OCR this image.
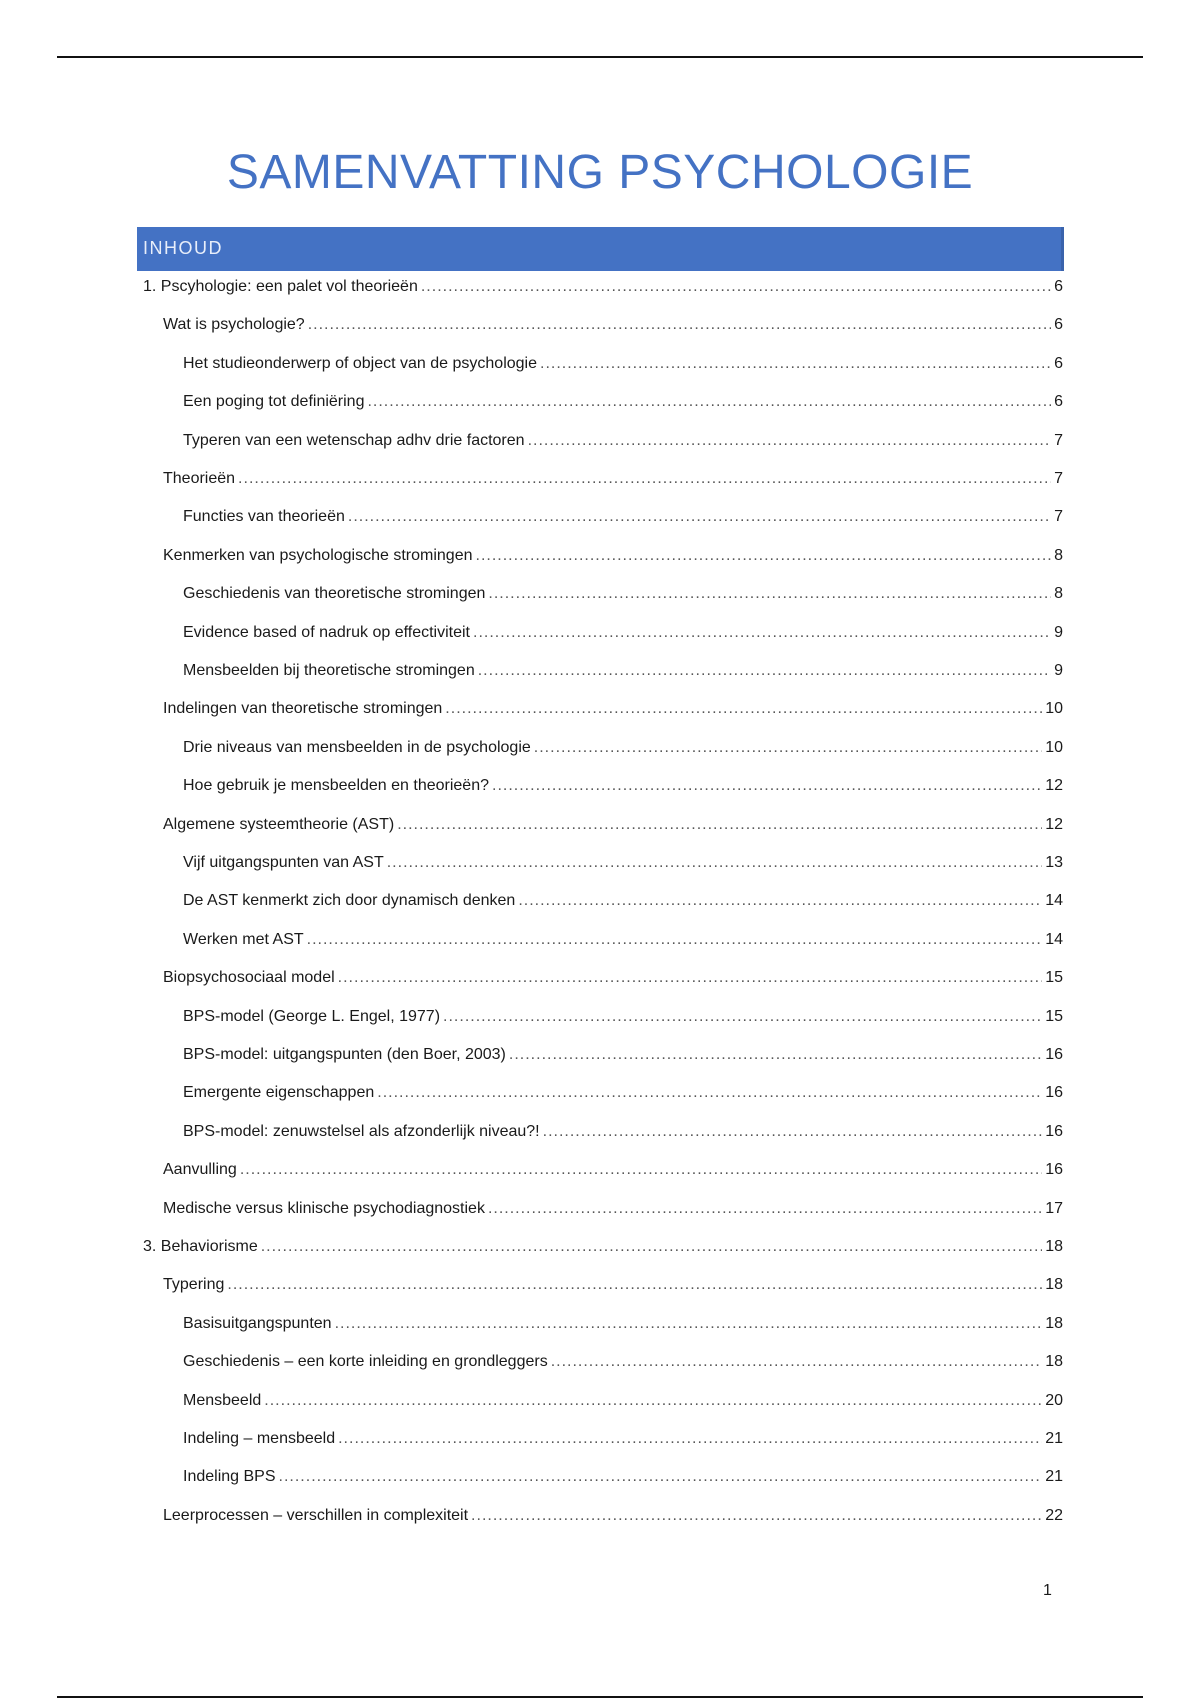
SAMENVATTING PSYCHOLOGIE
INHOUD
1. Pscyhologie: een palet vol theorieën .....	6
Wat is psychologie? .....	6
Het studieonderwerp of object van de psychologie .....	6
Een poging tot definiëring .....	6
Typeren van een wetenschap adhv drie factoren .....	7
Theorieën .....	7
Functies van theorieën .....	7
Kenmerken van psychologische stromingen .....	8
Geschiedenis van theoretische stromingen .....	8
Evidence based of nadruk op effectiviteit .....	9
Mensbeelden bij theoretische stromingen .....	9
Indelingen van theoretische stromingen .....	10
Drie niveaus van mensbeelden in de psychologie .....	10
Hoe gebruik je mensbeelden en theorieën? .....	12
Algemene systeemtheorie (AST) .....	12
Vijf uitgangspunten van AST .....	13
De AST kenmerkt zich door dynamisch denken .....	14
Werken met AST .....	14
Biopsychosociaal model .....	15
BPS-model (George L. Engel, 1977) .....	15
BPS-model: uitgangspunten (den Boer, 2003) .....	16
Emergente eigenschappen .....	16
BPS-model: zenuwstelsel als afzonderlijk niveau?! .....	16
Aanvulling .....	16
Medische versus klinische psychodiagnostiek .....	17
3. Behaviorisme .....	18
Typering .....	18
Basisuitgangspunten .....	18
Geschiedenis – een korte inleiding en grondleggers .....	18
Mensbeeld .....	20
Indeling – mensbeeld .....	21
Indeling BPS .....	21
Leerprocessen – verschillen in complexiteit .....	22
1
